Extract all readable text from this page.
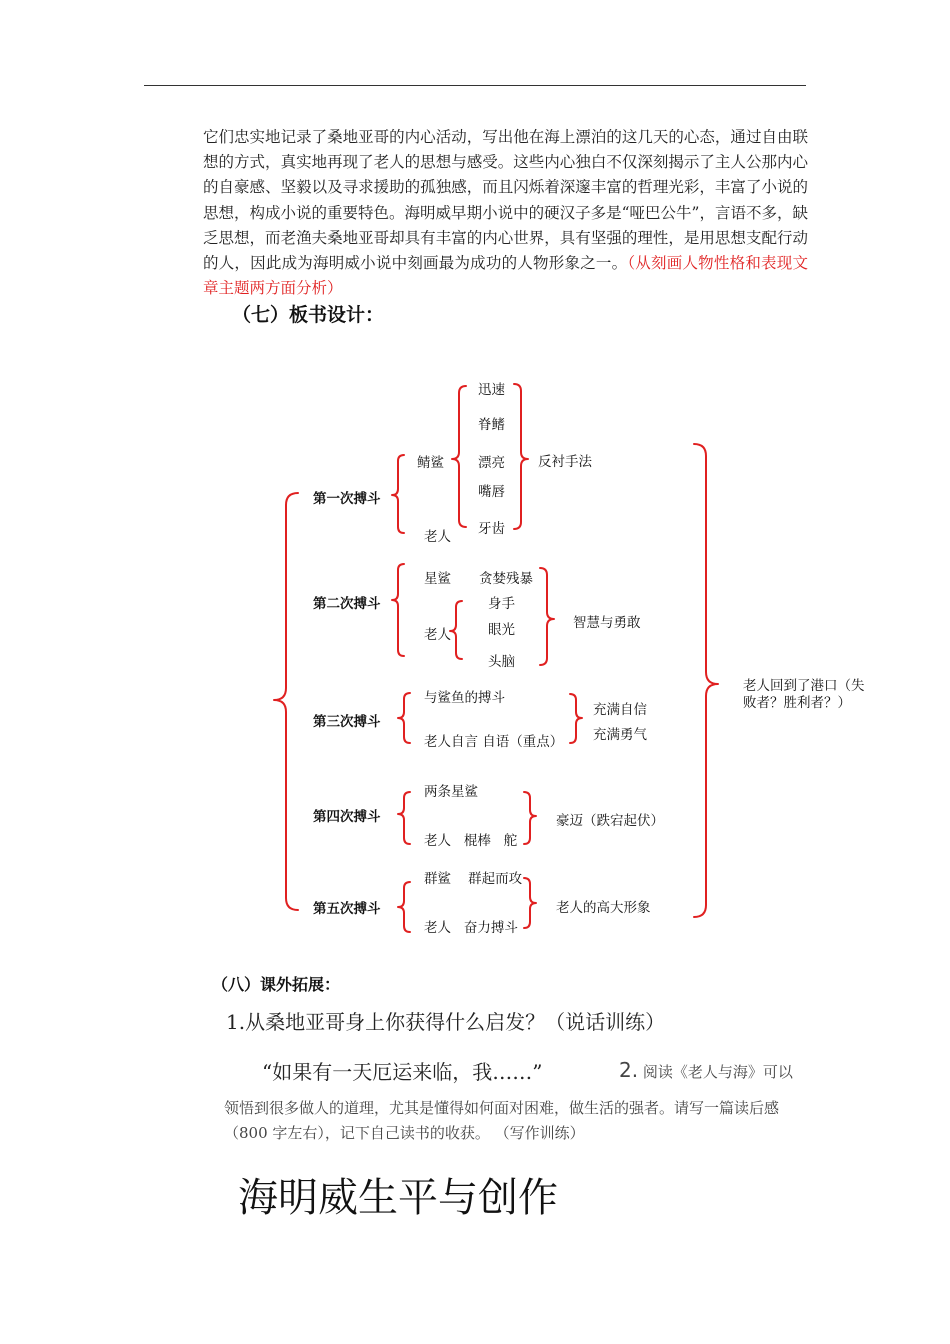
它们忠实地记录了桑地亚哥的内心活动，写出他在海上漂泊的这几天的心态，通过自由联想的方式，真实地再现了老人的思想与感受。这些内心独白不仅深刻揭示了主人公那内心的自豪感、坚毅以及寻求援助的孤独感，而且闪烁着深邃丰富的哲理光彩，丰富了小说的思想，构成小说的重要特色。海明威早期小说中的硬汉子多是“哑巴公牛”，言语不多，缺乏思想，而老渔夫桑地亚哥却具有丰富的内心世界，具有坚强的理性，是用思想支配行动的人，因此成为海明威小说中刻画最为成功的人物形象之一。（从刻画人物性格和表现文章主题两方面分析）
（七）板书设计：
第一次搏斗
鲭鲨
老人
迅速
脊鳍
漂亮
嘴唇
牙齿
反衬手法
第二次搏斗
星鲨 贪婪残暴
老人
身手
眼光
头脑
智慧与勇敢
第三次搏斗
与鲨鱼的搏斗
老人自言 自语（重点）
充满自信
充满勇气
第四次搏斗
两条星鲨
老人   棍棒   舵
豪迈（跌宕起伏）
第五次搏斗
群鲨    群起而攻
老人   奋力搏斗
老人的高大形象
老人回到了港口（失
败者？胜利者？）
（八）课外拓展：
1.从桑地亚哥身上你获得什么启发？（说话训练）
“如果有一天厄运来临，我……”	2. 阅读《老人与海》可以
领悟到很多做人的道理，尤其是懂得如何面对困难，做生活的强者。请写一篇读后感（800 字左右），记下自己读书的收获。 （写作训练）
海明威生平与创作
